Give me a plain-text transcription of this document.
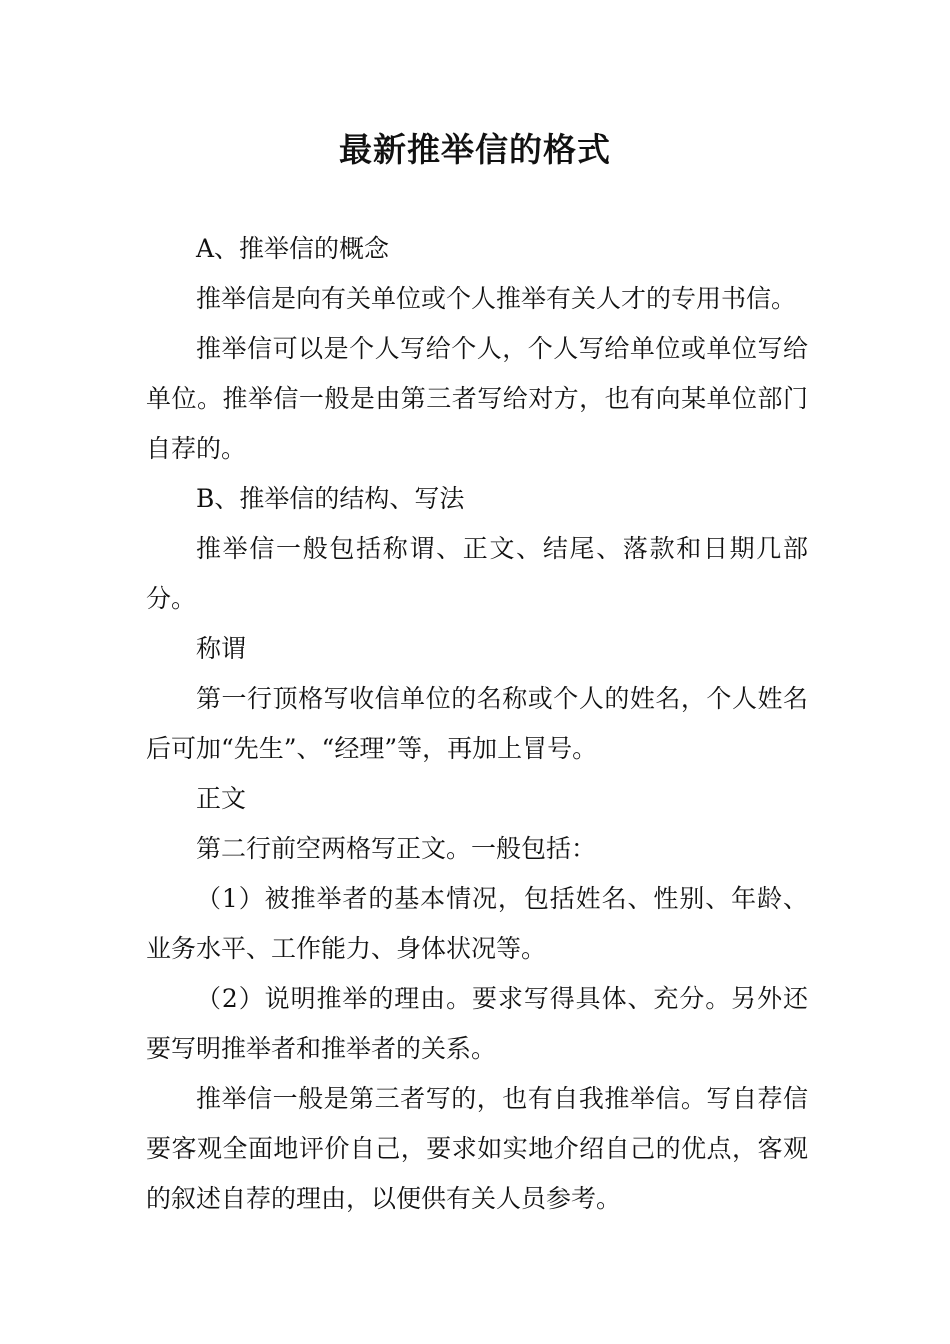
最新推举信的格式

A、推举信的概念

推举信是向有关单位或个人推举有关人才的专用书信。

推举信可以是个人写给个人，个人写给单位或单位写给单位。推举信一般是由第三者写给对方，也有向某单位部门自荐的。

B、推举信的结构、写法

推举信一般包括称谓、正文、结尾、落款和日期几部分。

称谓

第一行顶格写收信单位的名称或个人的姓名，个人姓名后可加“先生”、“经理”等，再加上冒号。

正文

第二行前空两格写正文。一般包括：

（1）被推举者的基本情况，包括姓名、性别、年龄、业务水平、工作能力、身体状况等。

（2）说明推举的理由。要求写得具体、充分。另外还要写明推举者和推举者的关系。

推举信一般是第三者写的，也有自我推举信。写自荐信要客观全面地评价自己，要求如实地介绍自己的优点，客观的叙述自荐的理由，以便供有关人员参考。
